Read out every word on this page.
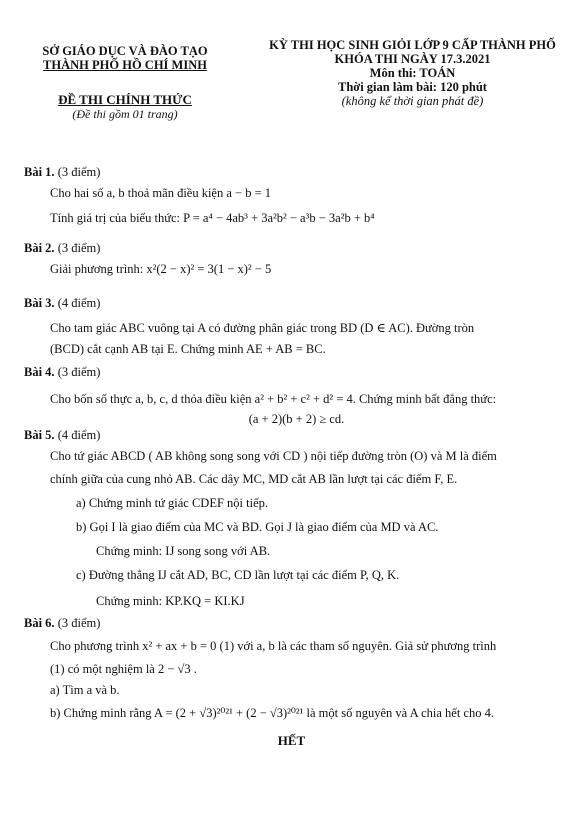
SỞ GIÁO DỤC VÀ ĐÀO TẠO
THÀNH PHỐ HỒ CHÍ MINH
KỲ THI HỌC SINH GIỎI LỚP 9 CẤP THÀNH PHỐ
KHÓA THI NGÀY 17.3.2021
Môn thi: TOÁN
Thời gian làm bài: 120 phút
(không kể thời gian phát đề)
ĐỀ THI CHÍNH THỨC
(Đề thi gồm 01 trang)
Bài 1. (3 điểm)
Cho hai số a, b thoả mãn điều kiện a − b = 1
Tính giá trị của biểu thức: P = a⁴ − 4ab³ + 3a²b² − a³b − 3a²b + b⁴
Bài 2. (3 điểm)
Giải phương trình: x²(2 − x)² = 3(1 − x)² − 5
Bài 3. (4 điểm)
Cho tam giác ABC vuông tại A có đường phân giác trong BD (D ∈ AC). Đường tròn
(BCD) cắt cạnh AB tại E. Chứng minh AE + AB = BC.
Bài 4. (3 điểm)
Cho bốn số thực a, b, c, d thỏa điều kiện a² + b² + c² + d² = 4. Chứng minh bất đẳng thức:
(a + 2)(b + 2) ≥ cd.
Bài 5. (4 điểm)
Cho tứ giác ABCD ( AB không song song với CD ) nội tiếp đường tròn (O) và M là điểm
chính giữa của cung nhỏ AB. Các dây MC, MD cắt AB lần lượt tại các điểm F, E.
a) Chứng minh tứ giác CDEF nội tiếp.
b) Gọi I là giao điểm của MC và BD. Gọi J là giao điểm của MD và AC.
Chứng minh: IJ song song với AB.
c) Đường thẳng IJ cắt AD, BC, CD lần lượt tại các điểm P, Q, K.
Chứng minh: KP.KQ = KI.KJ
Bài 6. (3 điểm)
Cho phương trình x² + ax + b = 0 (1) với a, b là các tham số nguyên. Giả sử phương trình
(1) có một nghiệm là 2 − √3 .
a) Tìm a và b.
b) Chứng minh rằng A = (2 + √3)²⁰²¹ + (2 − √3)²⁰²¹ là một số nguyên và A chia hết cho 4.
HẾT
